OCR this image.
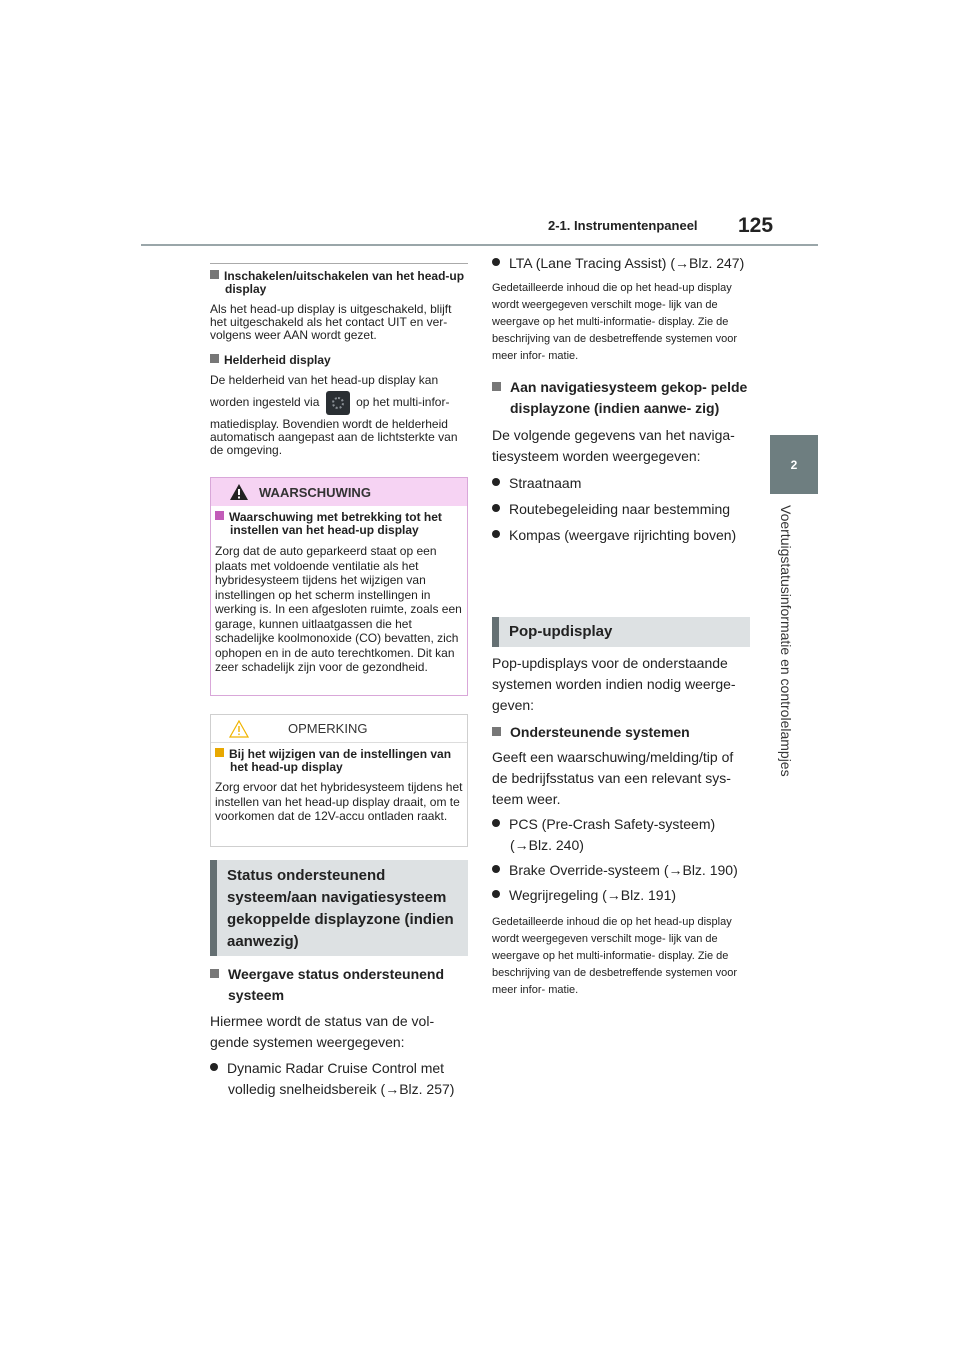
2-1. Instrumentenpaneel 125
2
Voertuigstatusinformatie en controlelampjes
Inschakelen/uitschakelen van het head-up display
Als het head-up display is uitgeschakeld, blijft het uitgeschakeld als het contact UIT en ver- volgens weer AAN wordt gezet.
Helderheid display
De helderheid van het head-up display kan
worden ingesteld via	op het multi-infor-
matiedisplay. Bovendien wordt de helderheid automatisch aangepast aan de lichtsterkte van de omgeving.
WAARSCHUWING
Waarschuwing met betrekking tot het instellen van het head-up display
Zorg dat de auto geparkeerd staat op een plaats met voldoende ventilatie als het hybridesysteem tijdens het wijzigen van instellingen op het scherm instellingen in werking is. In een afgesloten ruimte, zoals een garage, kunnen uitlaatgassen die het schadelijke koolmonoxide (CO) bevatten, zich ophopen en in de auto terechtkomen. Dit kan zeer schadelijk zijn voor de gezondheid.
OPMERKING
Bij het wijzigen van de instellingen van het head-up display
Zorg ervoor dat het hybridesysteem tijdens het instellen van het head-up display draait, om te voorkomen dat de 12V-accu ontladen raakt.
Status ondersteunend systeem/aan navigatiesysteem gekoppelde displayzone (indien aanwezig)
Weergave status ondersteunend systeem
Hiermee wordt de status van de vol- gende systemen weergegeven:
Dynamic Radar Cruise Control met volledig snelheidsbereik (→Blz. 257)
LTA (Lane Tracing Assist) (→Blz. 247)
Gedetailleerde inhoud die op het head-up display wordt weergegeven verschilt moge- lijk van de weergave op het multi-informatie- display. Zie de beschrijving van de desbetreffende systemen voor meer infor- matie.
Aan navigatiesysteem gekop- pelde displayzone (indien aanwe- zig)
De volgende gegevens van het naviga- tiesysteem worden weergegeven:
Straatnaam
Routebegeleiding naar bestemming
Kompas (weergave rijrichting boven)
Pop-updisplay
Pop-updisplays voor de onderstaande systemen worden indien nodig weerge- geven:
Ondersteunende systemen
Geeft een waarschuwing/melding/tip of de bedrijfsstatus van een relevant sys- teem weer.
PCS (Pre-Crash Safety-systeem) (→Blz. 240)
Brake Override-systeem (→Blz. 190)
Wegrijregeling (→Blz. 191)
Gedetailleerde inhoud die op het head-up display wordt weergegeven verschilt moge- lijk van de weergave op het multi-informatie- display. Zie de beschrijving van de desbetreffende systemen voor meer infor- matie.
